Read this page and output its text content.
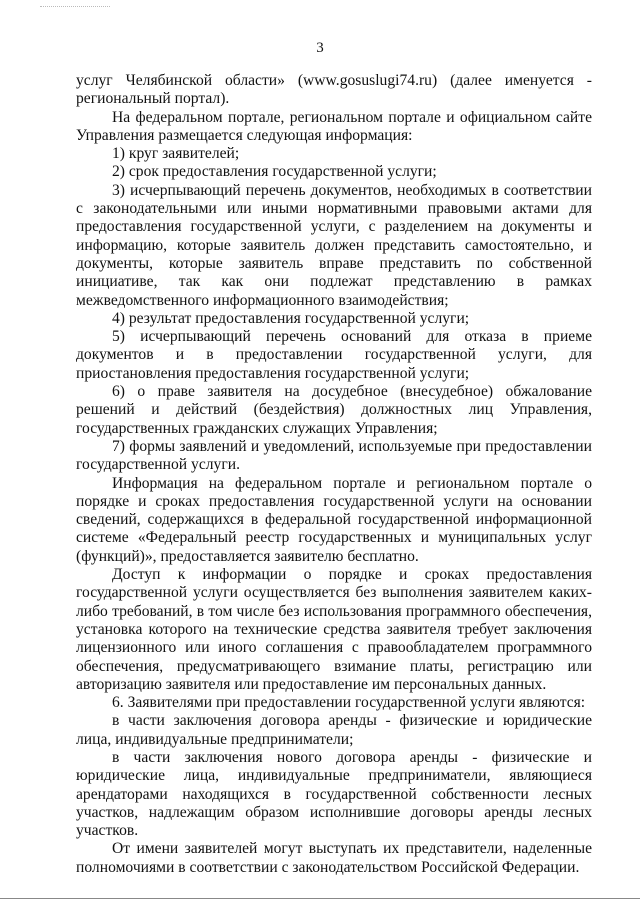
3

услуг Челябинской области» (www.gosuslugi74.ru) (далее именуется - региональный портал).

На федеральном портале, региональном портале и официальном сайте Управления размещается следующая информация:

1) круг заявителей;

2) срок предоставления государственной услуги;

3) исчерпывающий перечень документов, необходимых в соответствии с законодательными или иными нормативными правовыми актами для предоставления государственной услуги, с разделением на документы и информацию, которые заявитель должен представить самостоятельно, и документы, которые заявитель вправе представить по собственной инициативе, так как они подлежат представлению в рамках межведомственного информационного взаимодействия;

4) результат предоставления государственной услуги;

5) исчерпывающий перечень оснований для отказа в приеме документов и в предоставлении государственной услуги, для приостановления предоставления государственной услуги;

6) о праве заявителя на досудебное (внесудебное) обжалование решений и действий (бездействия) должностных лиц Управления, государственных гражданских служащих Управления;

7) формы заявлений и уведомлений, используемые при предоставлении государственной услуги.

Информация на федеральном портале и региональном портале о порядке и сроках предоставления государственной услуги на основании сведений, содержащихся в федеральной государственной информационной системе «Федеральный реестр государственных и муниципальных услуг (функций)», предоставляется заявителю бесплатно.

Доступ к информации о порядке и сроках предоставления государственной услуги осуществляется без выполнения заявителем каких-либо требований, в том числе без использования программного обеспечения, установка которого на технические средства заявителя требует заключения лицензионного или иного соглашения с правообладателем программного обеспечения, предусматривающего взимание платы, регистрацию или авторизацию заявителя или предоставление им персональных данных.

6. Заявителями при предоставлении государственной услуги являются:

в части заключения договора аренды - физические и юридические лица, индивидуальные предприниматели;

в части заключения нового договора аренды - физические и юридические лица, индивидуальные предприниматели, являющиеся арендаторами находящихся в государственной собственности лесных участков, надлежащим образом исполнившие договоры аренды лесных участков.

От имени заявителей могут выступать их представители, наделенные полномочиями в соответствии с законодательством Российской Федерации.
